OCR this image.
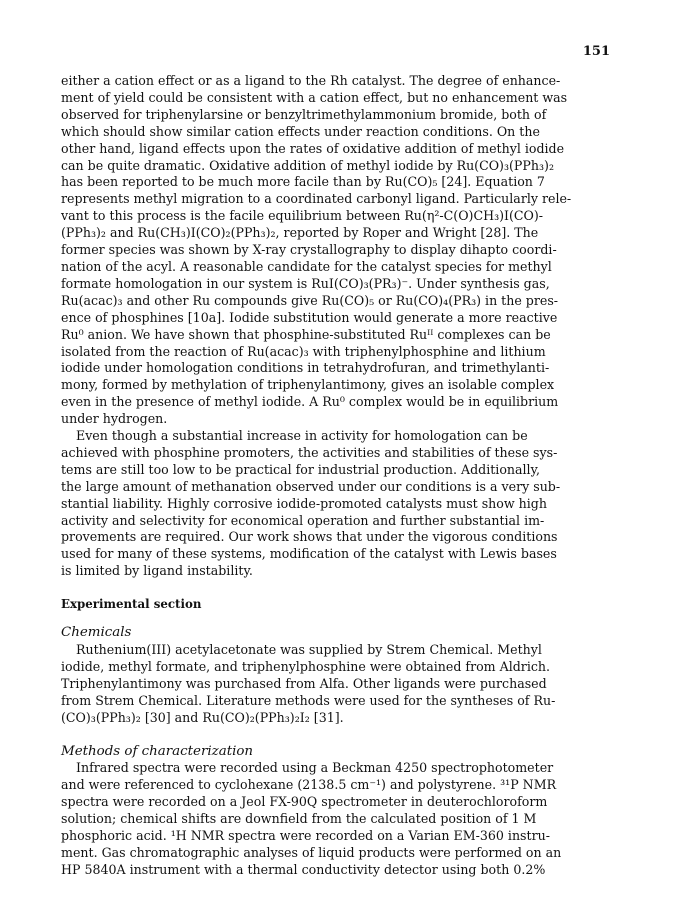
151

either a cation effect or as a ligand to the Rh catalyst. The degree of enhance-

ment of yield could be consistent with a cation effect, but no enhancement was

observed for triphenylarsine or benzyltrimethylammonium bromide, both of

which should show similar cation effects under reaction conditions. On the

other hand, ligand effects upon the rates of oxidative addition of methyl iodide

can be quite dramatic. Oxidative addition of methyl iodide by Ru(CO)₃(PPh₃)₂

has been reported to be much more facile than by Ru(CO)₅ [24]. Equation 7

represents methyl migration to a coordinated carbonyl ligand. Particularly rele-

vant to this process is the facile equilibrium between Ru(η²-C(O)CH₃)I(CO)-

(PPh₃)₂ and Ru(CH₃)I(CO)₂(PPh₃)₂, reported by Roper and Wright [28]. The

former species was shown by X-ray crystallography to display dihapto coordi-

nation of the acyl. A reasonable candidate for the catalyst species for methyl

formate homologation in our system is RuI(CO)₃(PR₃)⁻. Under synthesis gas,

Ru(acac)₃ and other Ru compounds give Ru(CO)₅ or Ru(CO)₄(PR₃) in the pres-

ence of phosphines [10a]. Iodide substitution would generate a more reactive

Ru⁰ anion. We have shown that phosphine-substituted Ruᴵᴵ complexes can be

isolated from the reaction of Ru(acac)₃ with triphenylphosphine and lithium

iodide under homologation conditions in tetrahydrofuran, and trimethylanti-

mony, formed by methylation of triphenylantimony, gives an isolable complex

even in the presence of methyl iodide. A Ru⁰ complex would be in equilibrium

under hydrogen.

Even though a substantial increase in activity for homologation can be

achieved with phosphine promoters, the activities and stabilities of these sys-

tems are still too low to be practical for industrial production. Additionally,

the large amount of methanation observed under our conditions is a very sub-

stantial liability. Highly corrosive iodide-promoted catalysts must show high

activity and selectivity for economical operation and further substantial im-

provements are required. Our work shows that under the vigorous conditions

used for many of these systems, modification of the catalyst with Lewis bases

is limited by ligand instability.

Experimental section

Chemicals

Ruthenium(III) acetylacetonate was supplied by Strem Chemical. Methyl

iodide, methyl formate, and triphenylphosphine were obtained from Aldrich.

Triphenylantimony was purchased from Alfa. Other ligands were purchased

from Strem Chemical. Literature methods were used for the syntheses of Ru-

(CO)₃(PPh₃)₂ [30] and Ru(CO)₂(PPh₃)₂I₂ [31].

Methods of characterization

Infrared spectra were recorded using a Beckman 4250 spectrophotometer

and were referenced to cyclohexane (2138.5 cm⁻¹) and polystyrene. ³¹P NMR

spectra were recorded on a Jeol FX-90Q spectrometer in deuterochloroform

solution; chemical shifts are downfield from the calculated position of 1 M

phosphoric acid. ¹H NMR spectra were recorded on a Varian EM-360 instru-

ment. Gas chromatographic analyses of liquid products were performed on an

HP 5840A instrument with a thermal conductivity detector using both 0.2%
